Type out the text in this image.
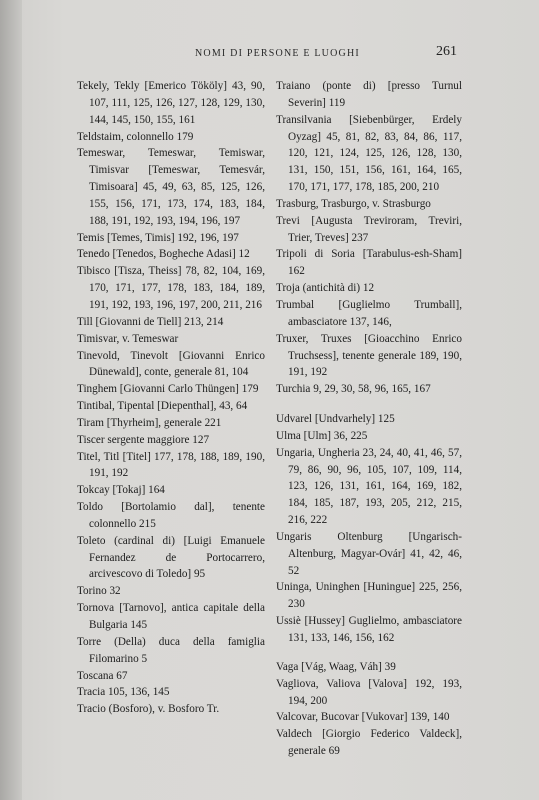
NOMI DI PERSONE E LUOGHI	261
Tekely, Tekly [Emerico Tököly] 43, 90, 107, 111, 125, 126, 127, 128, 129, 130, 144, 145, 150, 155, 161
Teldstaim, colonnello 179
Temeswar, Temeswar, Temiswar, Timisvar [Temeswar, Temesvár, Timisoara] 45, 49, 63, 85, 125, 126, 155, 156, 171, 173, 174, 183, 184, 188, 191, 192, 193, 194, 196, 197
Temis [Temes, Timis] 192, 196, 197
Tenedo [Tenedos, Bogheche Adasi] 12
Tibisco [Tisza, Theiss] 78, 82, 104, 169, 170, 171, 177, 178, 183, 184, 189, 191, 192, 193, 196, 197, 200, 211, 216
Till [Giovanni de Tiell] 213, 214
Timisvar, v. Temeswar
Tinevold, Tinevolt [Giovanni Enrico Dünewald], conte, generale 81, 104
Tinghem [Giovanni Carlo Thüngen] 179
Tintibal, Tipental [Diepenthal], 43, 64
Tiram [Thyrheim], generale 221
Tiscer sergente maggiore 127
Titel, Titl [Titel] 177, 178, 188, 189, 190, 191, 192
Tokcay [Tokaj] 164
Toldo [Bortolamio dal], tenente colonnello 215
Toleto (cardinal di) [Luigi Emanuele Fernandez de Portocarrero, arcivescovo di Toledo] 95
Torino 32
Tornova [Tarnovo], antica capitale della Bulgaria 145
Torre (Della) duca della famiglia Filomarino 5
Toscana 67
Tracia 105, 136, 145
Tracio (Bosforo), v. Bosforo Tr.
Traiano (ponte di) [presso Turnul Severin] 119
Transilvania [Siebenbürger, Erdely Oyzag] 45, 81, 82, 83, 84, 86, 117, 120, 121, 124, 125, 126, 128, 130, 131, 150, 151, 156, 161, 164, 165, 170, 171, 177, 178, 185, 200, 210
Trasburg, Trasburgo, v. Strasburgo
Trevi [Augusta Treviroram, Treviri, Trier, Treves] 237
Tripoli di Soria [Tarabulus-esh-Sham] 162
Troja (antichità di) 12
Trumbal [Guglielmo Trumball], ambasciatore 137, 146,
Truxer, Truxes [Gioacchino Enrico Truchsess], tenente generale 189, 190, 191, 192
Turchia 9, 29, 30, 58, 96, 165, 167
Udvarel [Undvarhely] 125
Ulma [Ulm] 36, 225
Ungaria, Ungheria 23, 24, 40, 41, 46, 57, 79, 86, 90, 96, 105, 107, 109, 114, 123, 126, 131, 161, 164, 169, 182, 184, 185, 187, 193, 205, 212, 215, 216, 222
Ungaris Oltenburg [Ungarisch-Altenburg, Magyar-Ovár] 41, 42, 46, 52
Uninga, Uninghen [Huningue] 225, 256, 230
Ussiè [Hussey] Guglielmo, ambasciatore 131, 133, 146, 156, 162
Vaga [Vág, Waag, Váh] 39
Vagliova, Valiova [Valova] 192, 193, 194, 200
Valcovar, Bucovar [Vukovar] 139, 140
Valdech [Giorgio Federico Valdeck], generale 69
